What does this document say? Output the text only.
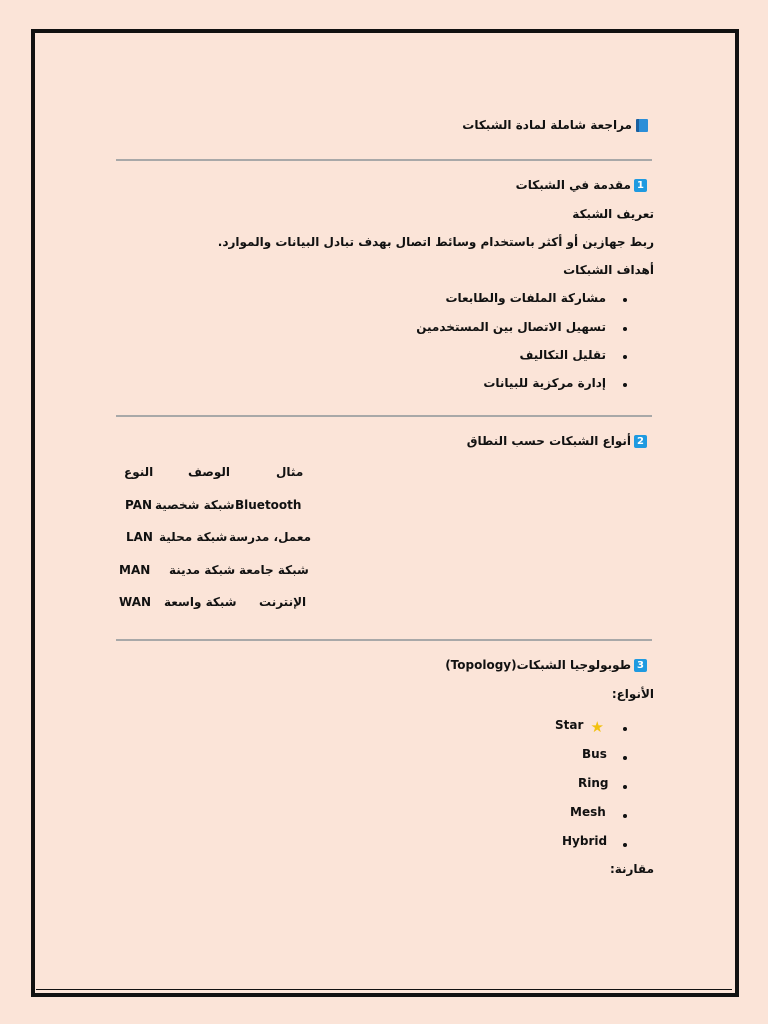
مراجعة شاملة لمادة الشبكات
1مقدمة في الشبكات
تعريف الشبكة
ربط جهازين أو أكثر باستخدام وسائط اتصال بهدف تبادل البيانات والموارد.
أهداف الشبكات
مشاركة الملفات والطابعات
تسهيل الاتصال بين المستخدمين
تقليل التكاليف
إدارة مركزية للبيانات
2أنواع الشبكات حسب النطاق
النوع	الوصف	مثال
PAN شبكة شخصية Bluetooth
LAN شبكة محلية معمل، مدرسة
MAN شبكة مدينة شبكة جامعة
WAN شبكة واسعة الإنترنت
3طوبولوجيا الشبكات(Topology)
الأنواع:
★
Star
Bus
Ring
Mesh
Hybrid
مقارنة:
